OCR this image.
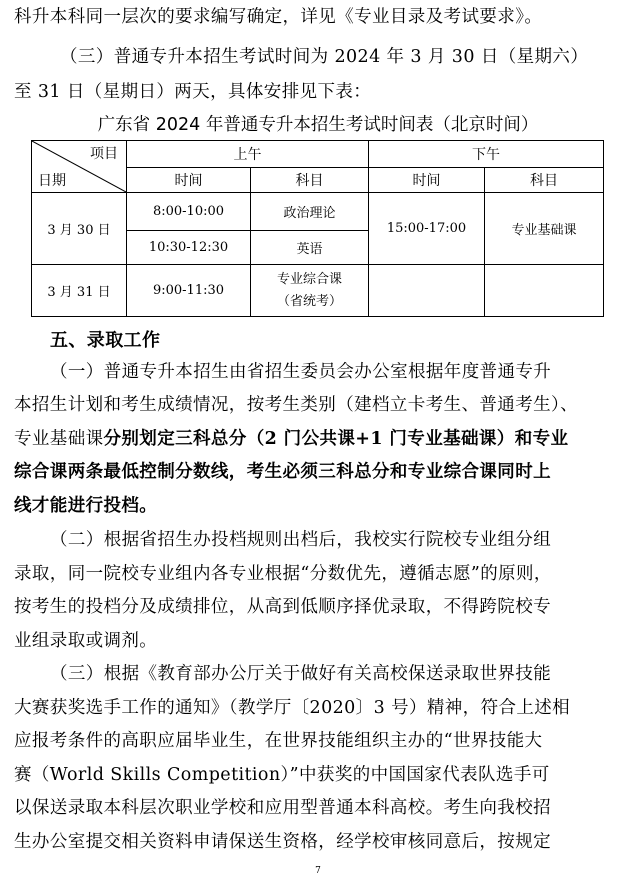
科升本科同一层次的要求编写确定，详见《专业目录及考试要求》。
（三）普通专升本招生考试时间为 2024 年 3 月 30 日（星期六）
至 31 日（星期日）两天，具体安排见下表：
广东省 2024 年普通专升本招生考试时间表（北京时间）
项目
日期	上午		下午	
	时间	科目	时间	科目
3 月 30 日	8:00-10:00	政治理论	15:00-17:00	专业基础课
	10:30-12:30	英语		
3 月 31 日	9:00-11:30	专业综合课
（省统考）		

五、录取工作
（一）普通专升本招生由省招生委员会办公室根据年度普通专升
本招生计划和考生成绩情况，按考生类别（建档立卡考生、普通考生）、
专业基础课分别划定三科总分（2 门公共课+1 门专业基础课）和专业
综合课两条最低控制分数线，考生必须三科总分和专业综合课同时上
线才能进行投档。
（二）根据省招生办投档规则出档后，我校实行院校专业组分组
录取，同一院校专业组内各专业根据“分数优先，遵循志愿”的原则，
按考生的投档分及成绩排位，从高到低顺序择优录取，不得跨院校专
业组录取或调剂。
（三）根据《教育部办公厅关于做好有关高校保送录取世界技能
大赛获奖选手工作的通知》（教学厅〔2020〕3 号）精神，符合上述相
应报考条件的高职应届毕业生，在世界技能组织主办的“世界技能大
赛（World Skills Competition）”中获奖的中国国家代表队选手可
以保送录取本科层次职业学校和应用型普通本科高校。考生向我校招
生办公室提交相关资料申请保送生资格，经学校审核同意后，按规定
7
